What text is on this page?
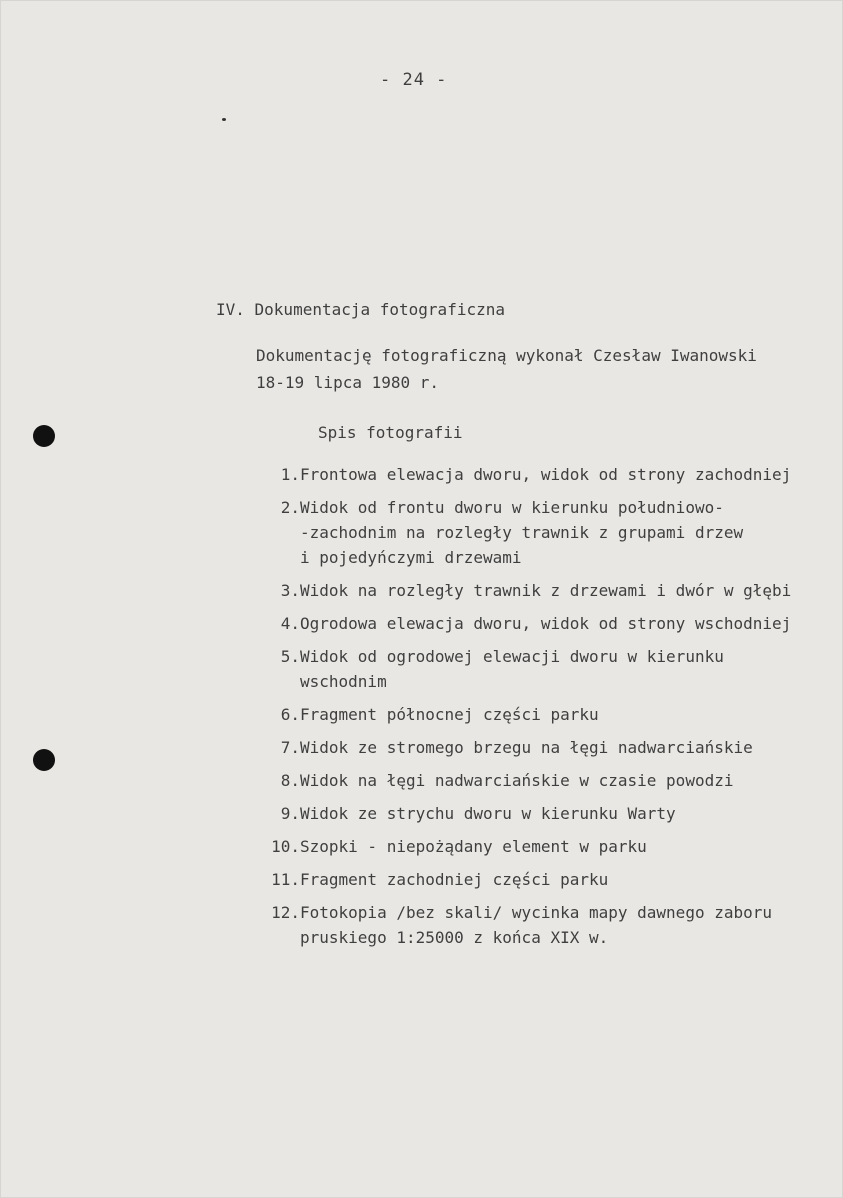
- 24 -
IV. Dokumentacja fotograficzna
Dokumentację fotograficzną wykonał Czesław Iwanowski
18-19 lipca 1980 r.
Spis fotografii
1. Frontowa elewacja dworu, widok od strony zachodniej
2. Widok od frontu dworu w kierunku południowo-
-zachodnim na rozległy trawnik z grupami drzew
i pojedyńczymi drzewami
3. Widok na rozległy trawnik z drzewami i dwór w głębi
4. Ogrodowa elewacja dworu, widok od strony wschodniej
5. Widok od ogrodowej elewacji dworu w kierunku
wschodnim
6. Fragment północnej części parku
7. Widok ze stromego brzegu na łęgi nadwarciańskie
8. Widok na łęgi nadwarciańskie w czasie powodzi
9. Widok ze strychu dworu w kierunku Warty
10. Szopki - niepożądany element w parku
11. Fragment zachodniej części parku
12. Fotokopia /bez skali/ wycinka mapy dawnego zaboru
pruskiego 1:25000 z końca XIX w.
